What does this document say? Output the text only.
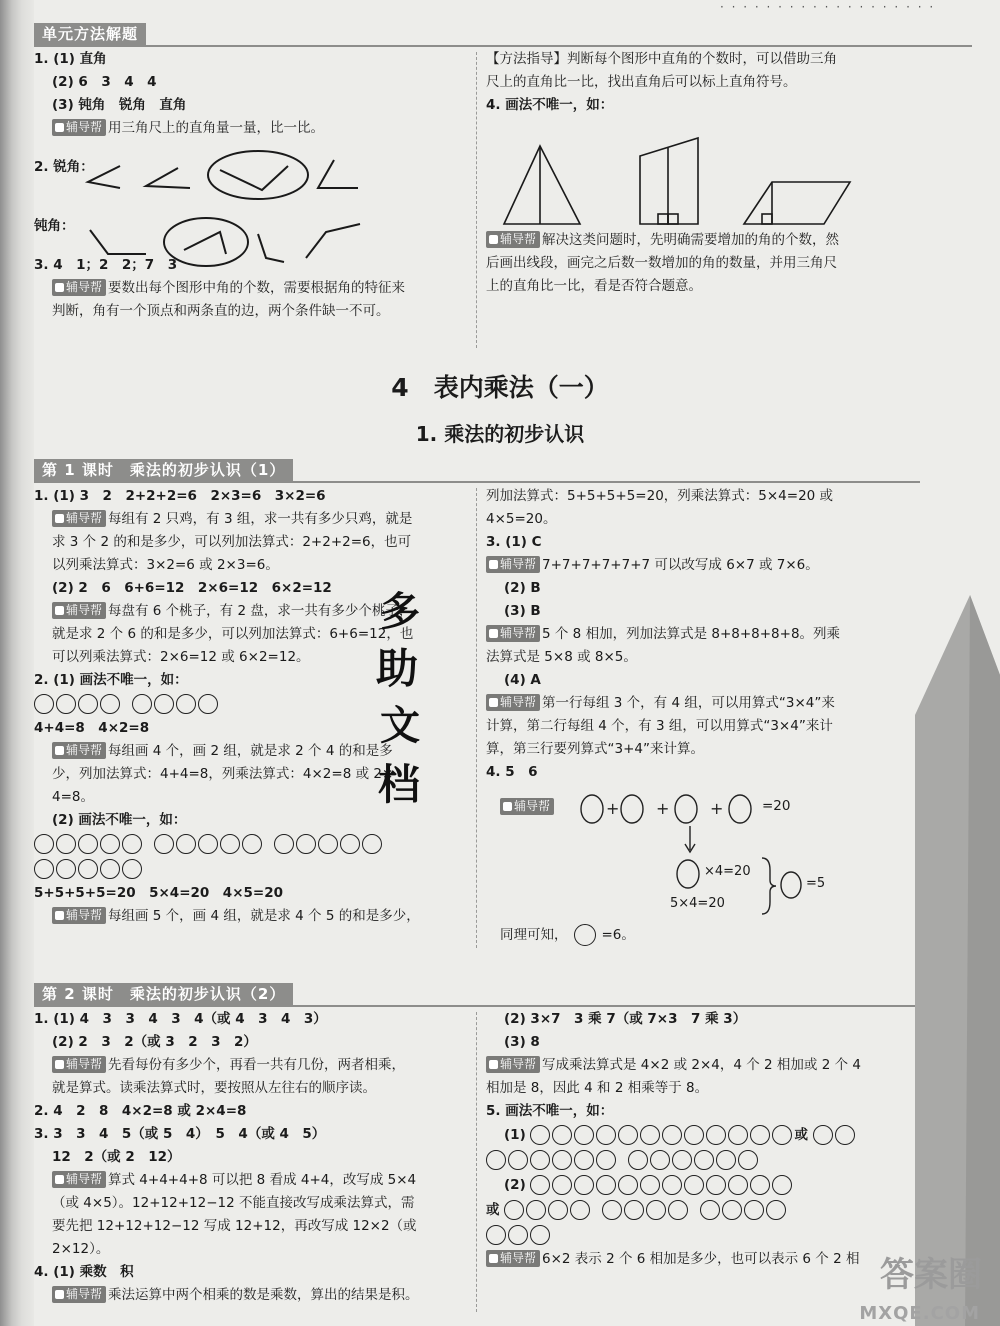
· · · · · · · · · · · · · · · · · · ·
单元方法解题

1. (1) 直角

(2) 6　3　4　4

(3) 钝角　锐角　直角

辅导帮 用三角尺上的直角量一量，比一比。

2. 锐角：

钝角：

3. 4　1；2　2；7　3

辅导帮 要数出每个图形中角的个数，需要根据角的特征来

判断，角有一个顶点和两条直的边，两个条件缺一不可。

【方法指导】判断每个图形中直角的个数时，可以借助三角

尺上的直角比一比，找出直角后可以标上直角符号。

4. 画法不唯一，如：

辅导帮 解决这类问题时，先明确需要增加的角的个数，然

后画出线段，画完之后数一数增加的角的数量，并用三角尺

上的直角比一比，看是否符合题意。

4　 表内乘法（一）
1. 乘法的初步认识
第 1 课时　乘法的初步认识（1）

1. (1) 3　2　2+2+2=6　2×3=6　3×2=6

辅导帮 每组有 2 只鸡，有 3 组，求一共有多少只鸡，就是

求 3 个 2 的和是多少，可以列加法算式：2+2+2=6，也可

以列乘法算式：3×2=6 或 2×3=6。

(2) 2　6　6+6=12　2×6=12　6×2=12

辅导帮 每盘有 6 个桃子，有 2 盘，求一共有多少个桃子，

就是求 2 个 6 的和是多少，可以列加法算式：6+6=12，也

可以列乘法算式：2×6=12 或 6×2=12。

2. (1) 画法不唯一，如：

4+4=8　4×2=8

辅导帮 每组画 4 个，画 2 组，就是求 2 个 4 的和是多

少，列加法算式：4+4=8，列乘法算式：4×2=8 或 2×

4=8。

(2) 画法不唯一，如：

5+5+5+5=20　5×4=20　4×5=20

辅导帮 每组画 5 个，画 4 组，就是求 4 个 5 的和是多少，

列加法算式：5+5+5+5=20，列乘法算式：5×4=20 或

4×5=20。

3. (1) C

辅导帮 7+7+7+7+7+7 可以改写成 6×7 或 7×6。

(2) B

(3) B

辅导帮 5 个 8 相加，列加法算式是 8+8+8+8+8。列乘

法算式是 5×8 或 8×5。

(4) A

辅导帮 第一行每组 3 个，有 4 组，可以用算式“3×4”来

计算，第二行每组 4 个，有 3 组，可以用算式“3×4”来计

算，第三行要列算式“3+4”来计算。

4. 5　6

辅导帮	+ +	+	=20
×4=20
5×4=20
=5

同理可知，	=6。

多
助
文
档
第 2 课时　乘法的初步认识（2）

1. (1) 4　3　3　4　3　4（或 4　3　4　3）

(2) 2　3　2（或 3　2　3　2）

辅导帮 先看每份有多少个，再看一共有几份，两者相乘，

就是算式。读乘法算式时，要按照从左往右的顺序读。

2. 4　2　8　4×2=8 或 2×4=8

3. 3　3　4　5（或 5　4）　5　4（或 4　5）

12　2（或 2　12）

辅导帮 算式 4+4+4+8 可以把 8 看成 4+4，改写成 5×4

（或 4×5）。12+12+12−12 不能直接改写成乘法算式，需

要先把 12+12+12−12 写成 12+12，再改写成 12×2（或

2×12）。

4. (1) 乘数　积

辅导帮 乘法运算中两个相乘的数是乘数，算出的结果是积。

(2) 3×7　3 乘 7（或 7×3　7 乘 3）

(3) 8

辅导帮 写成乘法算式是 4×2 或 2×4，4 个 2 相加或 2 个 4

相加是 8，因此 4 和 2 相乘等于 8。

5. 画法不唯一，如：

(1)	或

(2)

或

辅导帮 6×2 表示 2 个 6 相加是多少，也可以表示 6 个 2 相 答案圈
MXQE.COM
